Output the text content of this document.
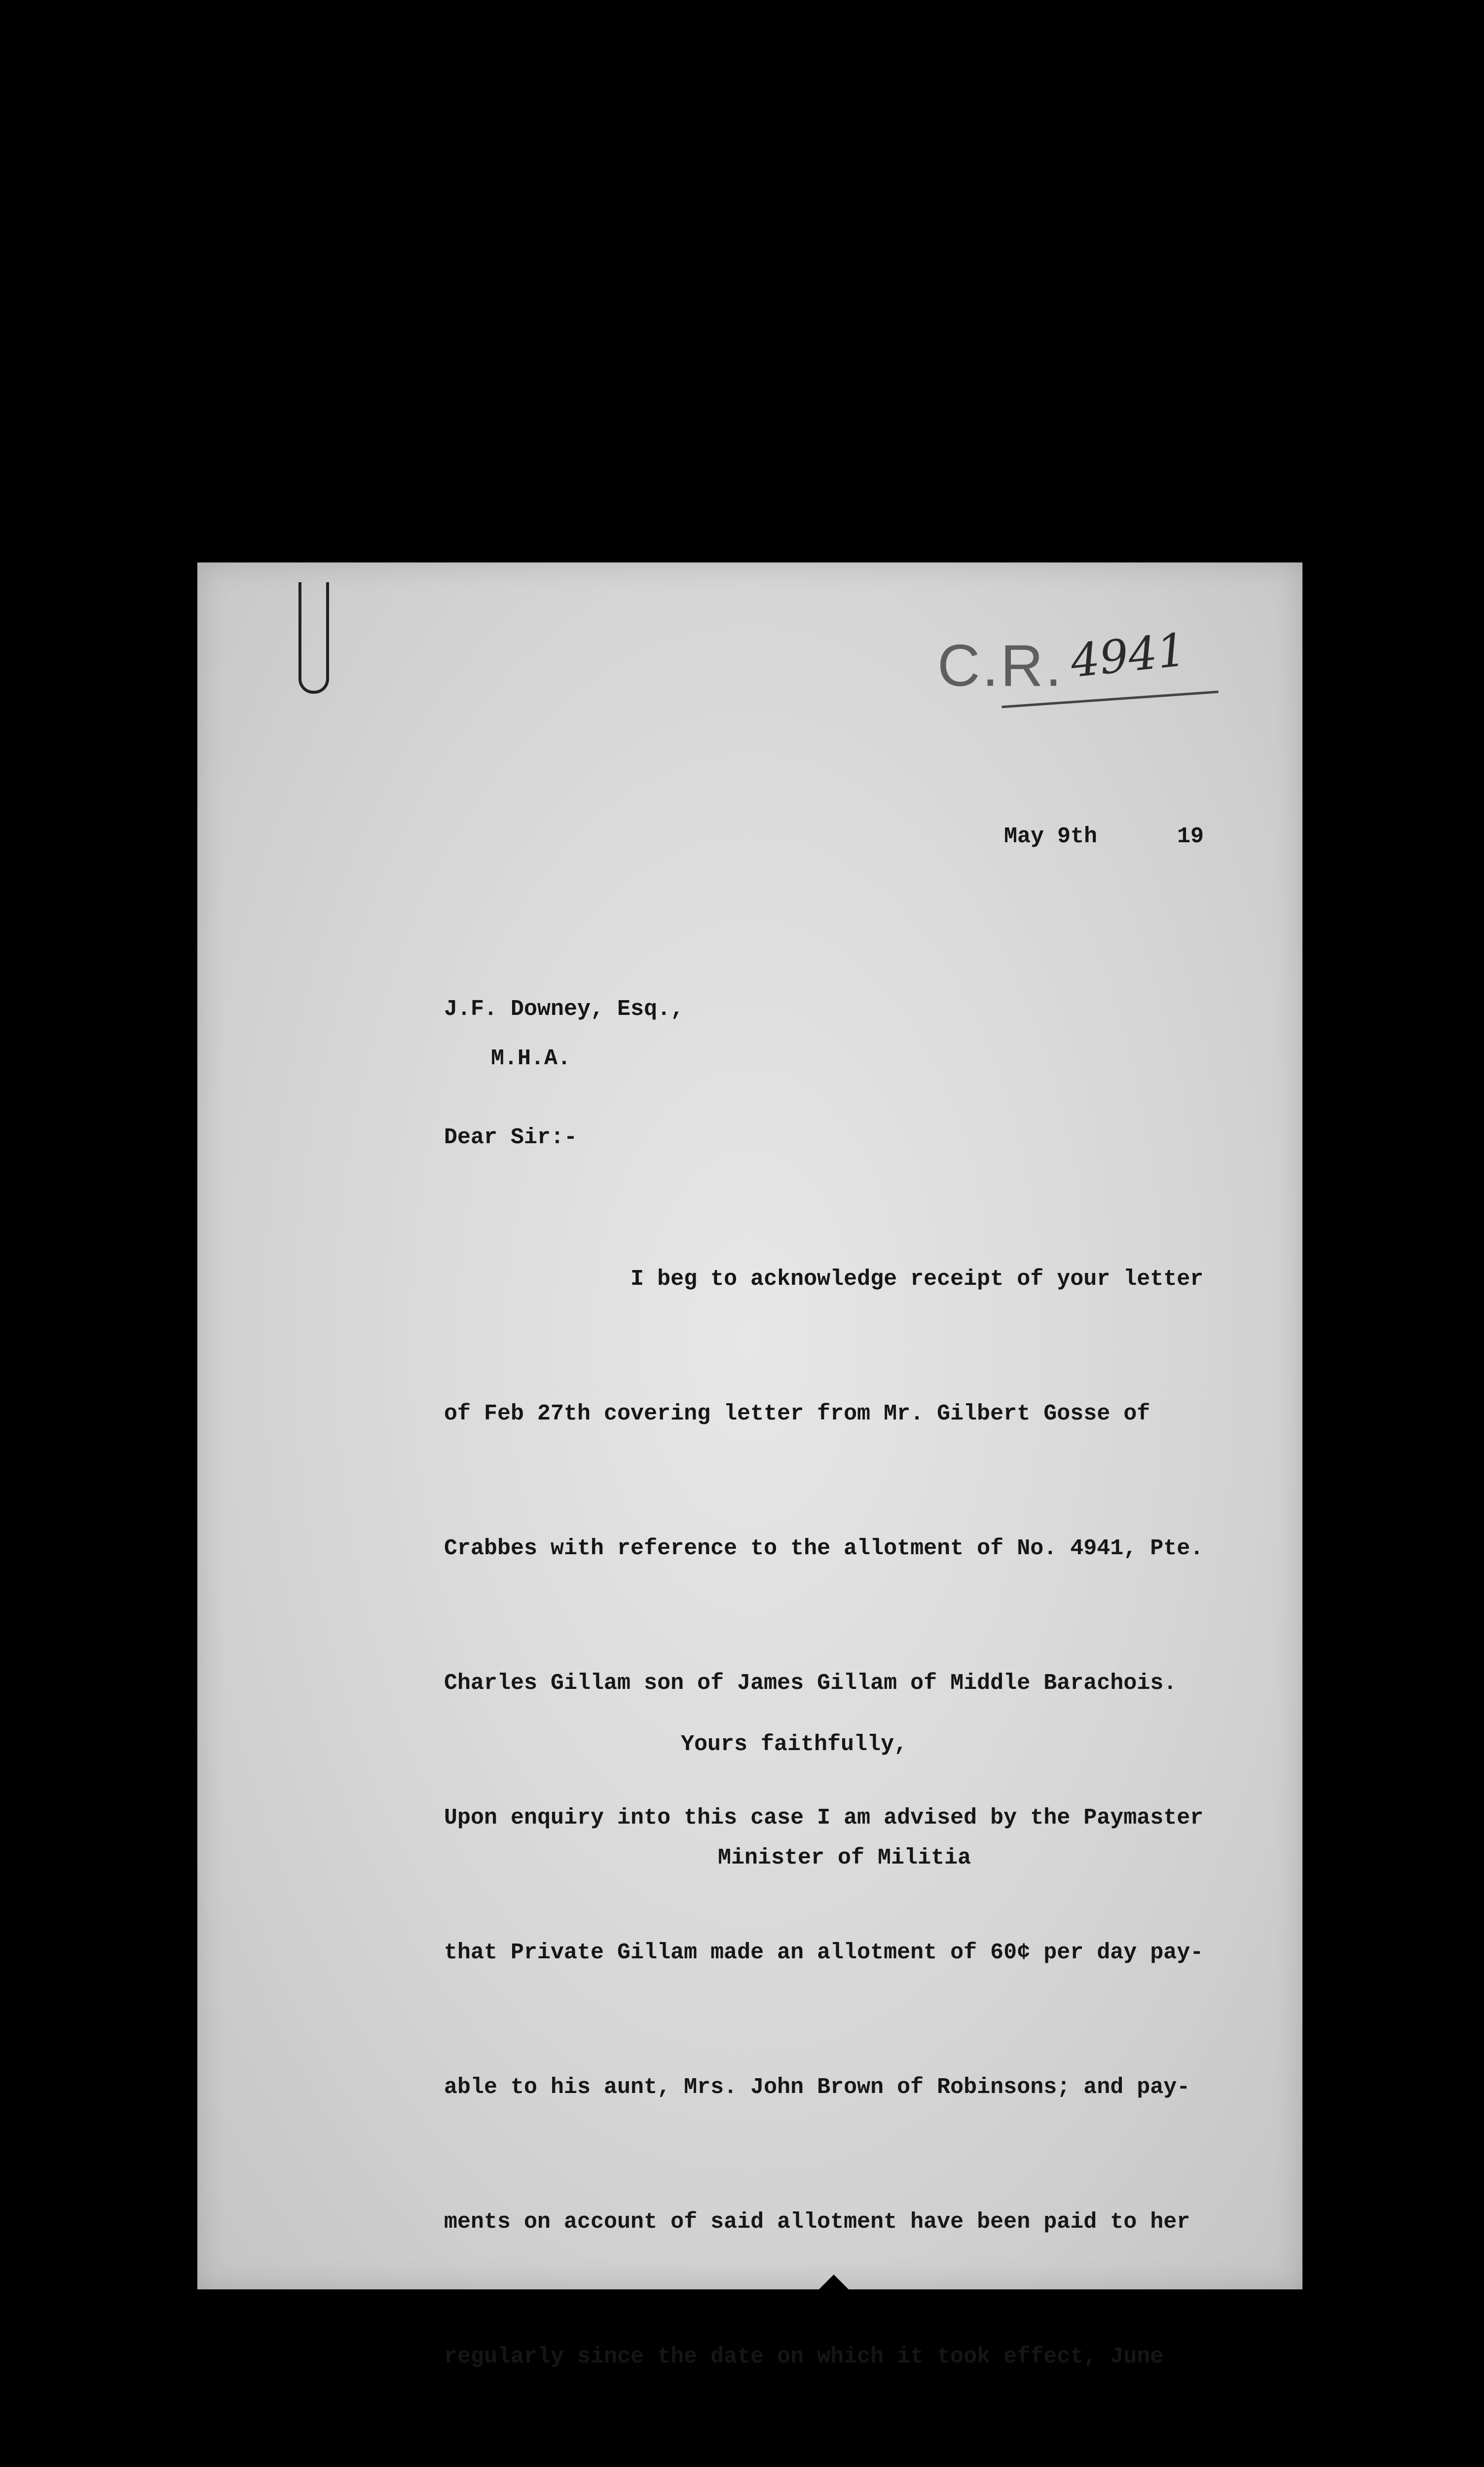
C.R. 4941
May 9th      19
J.F. Downey, Esq.,
M.H.A.
Dear Sir:-

I beg to acknowledge receipt of your letter

of Feb 27th covering letter from Mr. Gilbert Gosse of

Crabbes with reference to the allotment of No. 4941, Pte.

Charles Gillam son of James Gillam of Middle Barachois.

Upon enquiry into this case I am advised by the Paymaster

that Private Gillam made an allotment of 60¢ per day pay-

able to his aunt, Mrs. John Brown of Robinsons; and pay-

ments on account of said allotment have been paid to her

regularly since the date on which it took effect, June

Yours faithfully,
Minister of Militia
